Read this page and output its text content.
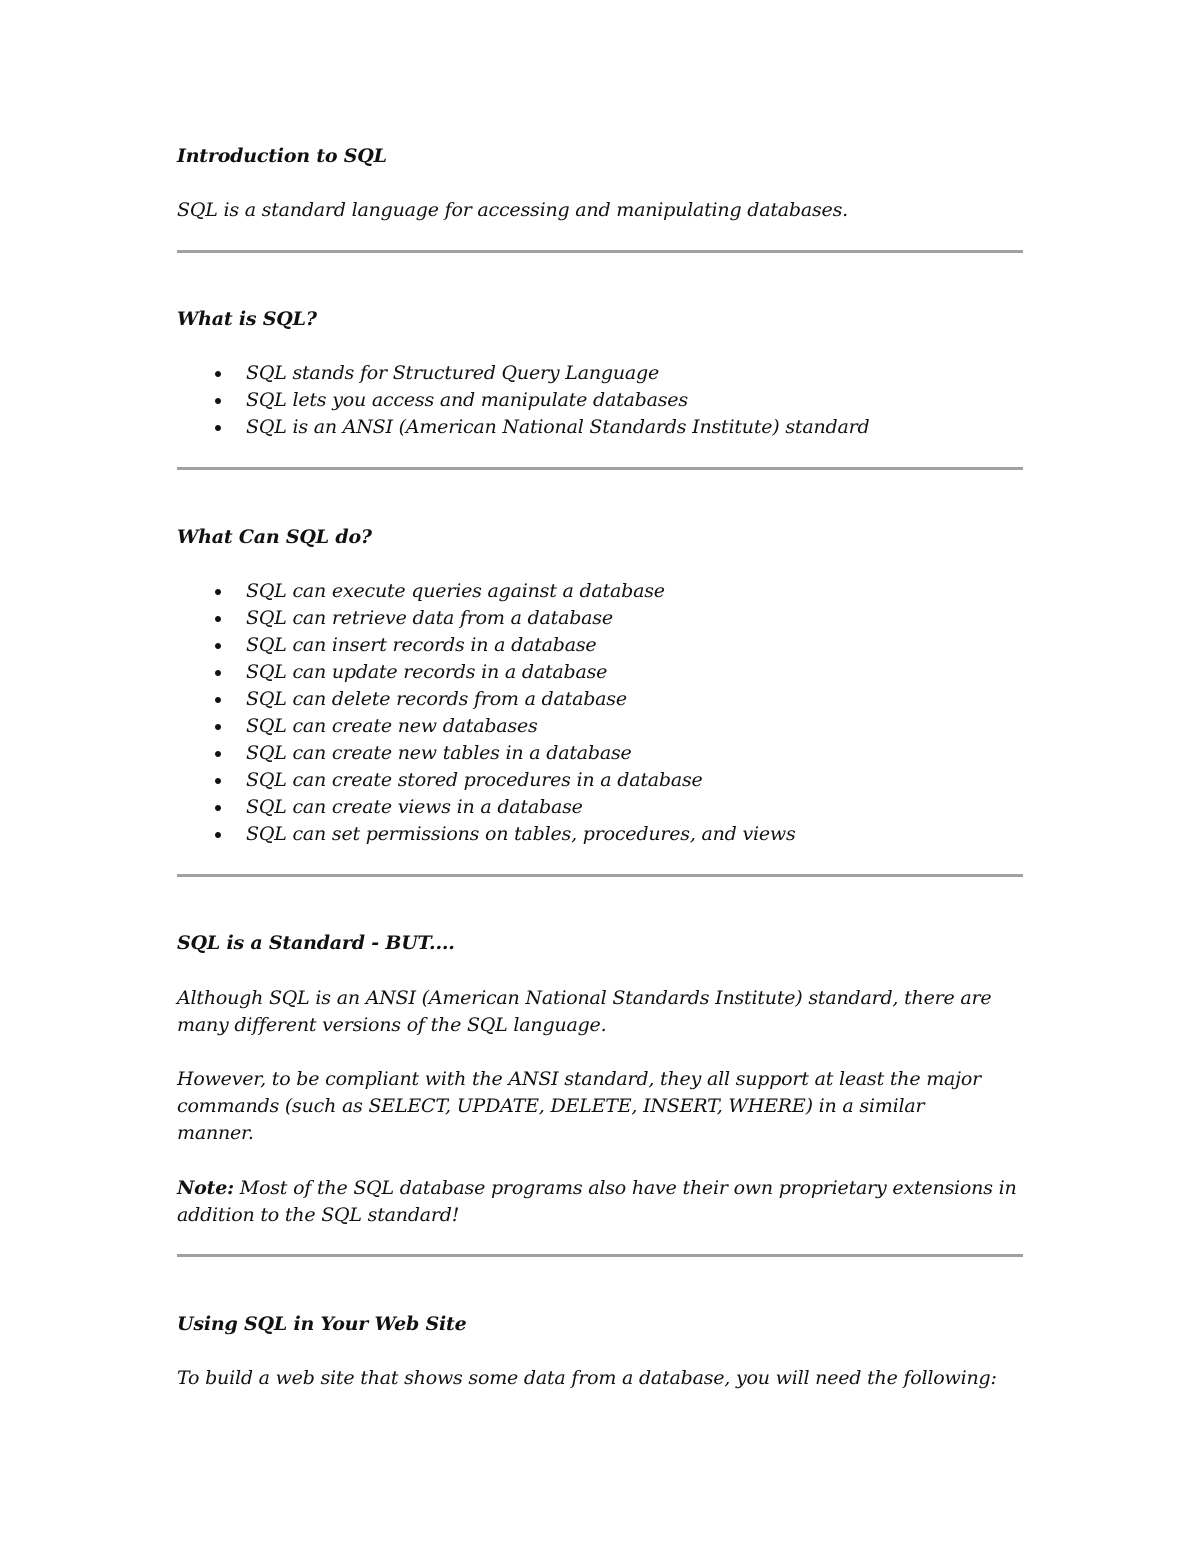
Introduction to SQL
SQL is a standard language for accessing and manipulating databases.
What is SQL?
SQL stands for Structured Query Language
SQL lets you access and manipulate databases
SQL is an ANSI (American National Standards Institute) standard
What Can SQL do?
SQL can execute queries against a database
SQL can retrieve data from a database
SQL can insert records in a database
SQL can update records in a database
SQL can delete records from a database
SQL can create new databases
SQL can create new tables in a database
SQL can create stored procedures in a database
SQL can create views in a database
SQL can set permissions on tables, procedures, and views
SQL is a Standard - BUT....
Although SQL is an ANSI (American National Standards Institute) standard, there are many different versions of the SQL language.
However, to be compliant with the ANSI standard, they all support at least the major commands (such as SELECT, UPDATE, DELETE, INSERT, WHERE) in a similar manner.
Note: Most of the SQL database programs also have their own proprietary extensions in addition to the SQL standard!
Using SQL in Your Web Site
To build a web site that shows some data from a database, you will need the following:
